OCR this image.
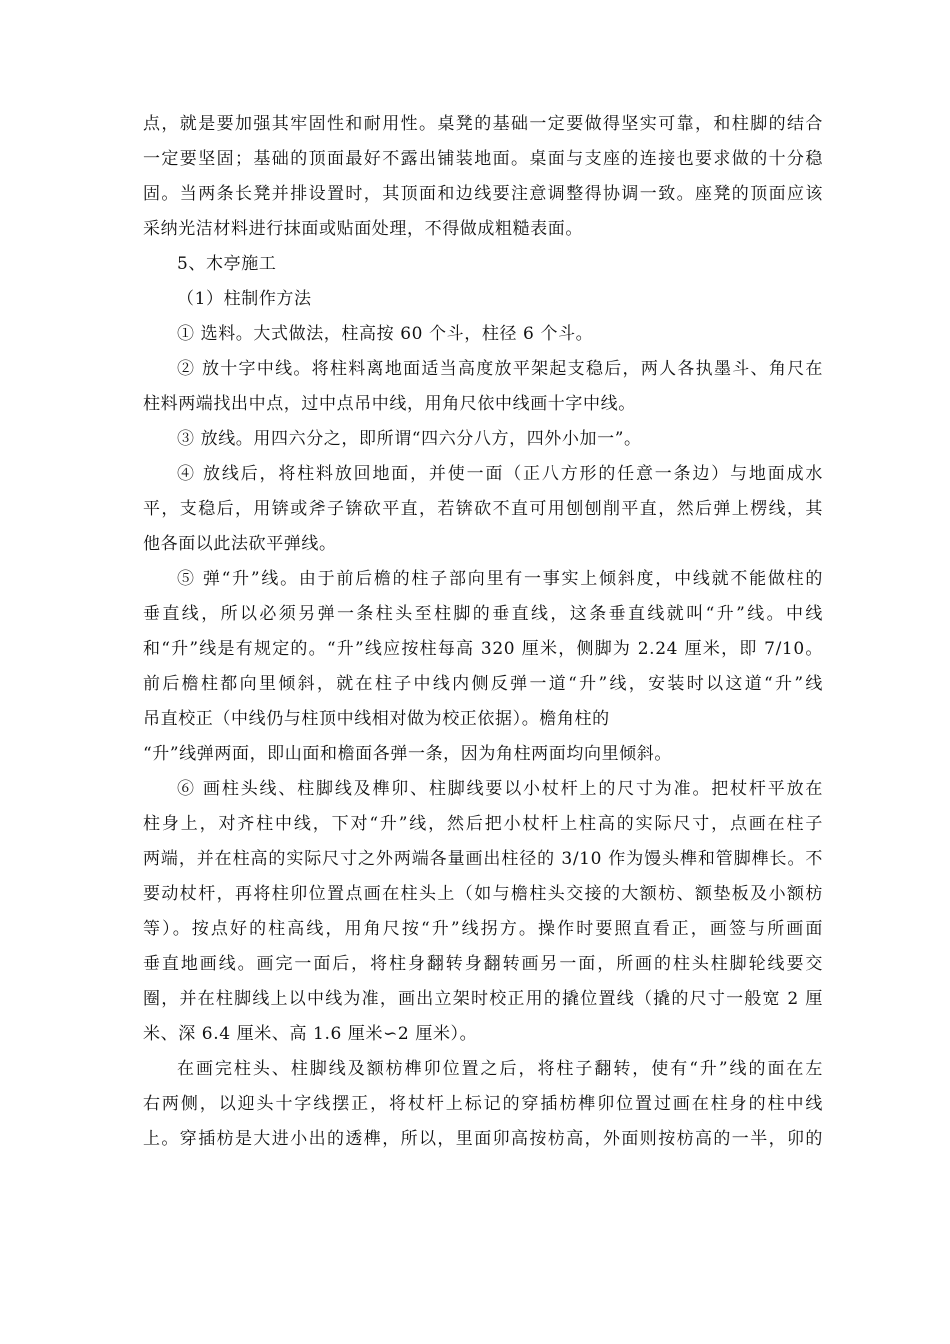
点，就是要加强其牢固性和耐用性。桌凳的基础一定要做得坚实可靠，和柱脚的结合
一定要坚固；基础的顶面最好不露出铺装地面。桌面与支座的连接也要求做的十分稳
固。当两条长凳并排设置时，其顶面和边线要注意调整得协调一致。座凳的顶面应该
采纳光洁材料进行抹面或贴面处理，不得做成粗糙表面。
5、木亭施工
（1）柱制作方法
① 选料。大式做法，柱高按 60 个斗，柱径 6 个斗。
② 放十字中线。将柱料离地面适当高度放平架起支稳后，两人各执墨斗、角尺在
柱料两端找出中点，过中点吊中线，用角尺依中线画十字中线。
③ 放线。用四六分之，即所谓“四六分八方，四外小加一”。
④ 放线后，将柱料放回地面，并使一面（正八方形的任意一条边）与地面成水
平，支稳后，用锛或斧子锛砍平直，若锛砍不直可用刨刨削平直，然后弹上楞线，其
他各面以此法砍平弹线。
⑤ 弹“升”线。由于前后檐的柱子部向里有一事实上倾斜度，中线就不能做柱的
垂直线，所以必须另弹一条柱头至柱脚的垂直线，这条垂直线就叫“升”线。中线
和“升”线是有规定的。“升”线应按柱每高 320 厘米，侧脚为 2.24 厘米，即 7/10。
前后檐柱都向里倾斜，就在柱子中线内侧反弹一道“升”线，安装时以这道“升”线
吊直校正（中线仍与柱顶中线相对做为校正依据）。檐角柱的
“升”线弹两面，即山面和檐面各弹一条，因为角柱两面均向里倾斜。
⑥ 画柱头线、柱脚线及榫卯、柱脚线要以小杖杆上的尺寸为准。把杖杆平放在
柱身上，对齐柱中线，下对“升”线，然后把小杖杆上柱高的实际尺寸，点画在柱子
两端，并在柱高的实际尺寸之外两端各量画出柱径的 3/10 作为馒头榫和管脚榫长。不
要动杖杆，再将柱卯位置点画在柱头上（如与檐柱头交接的大额枋、额垫板及小额枋
等）。按点好的柱高线，用角尺按“升”线拐方。操作时要照直看正，画签与所画面
垂直地画线。画完一面后，将柱身翻转身翻转画另一面，所画的柱头柱脚轮线要交
圈，并在柱脚线上以中线为准，画出立架时校正用的撬位置线（撬的尺寸一般宽 2 厘
米、深 6.4 厘米、高 1.6 厘米∽2 厘米）。
在画完柱头、柱脚线及额枋榫卯位置之后，将柱子翻转，使有“升”线的面在左
右两侧，以迎头十字线摆正，将杖杆上标记的穿插枋榫卯位置过画在柱身的柱中线
上。穿插枋是大进小出的透榫，所以，里面卯高按枋高，外面则按枋高的一半，卯的
